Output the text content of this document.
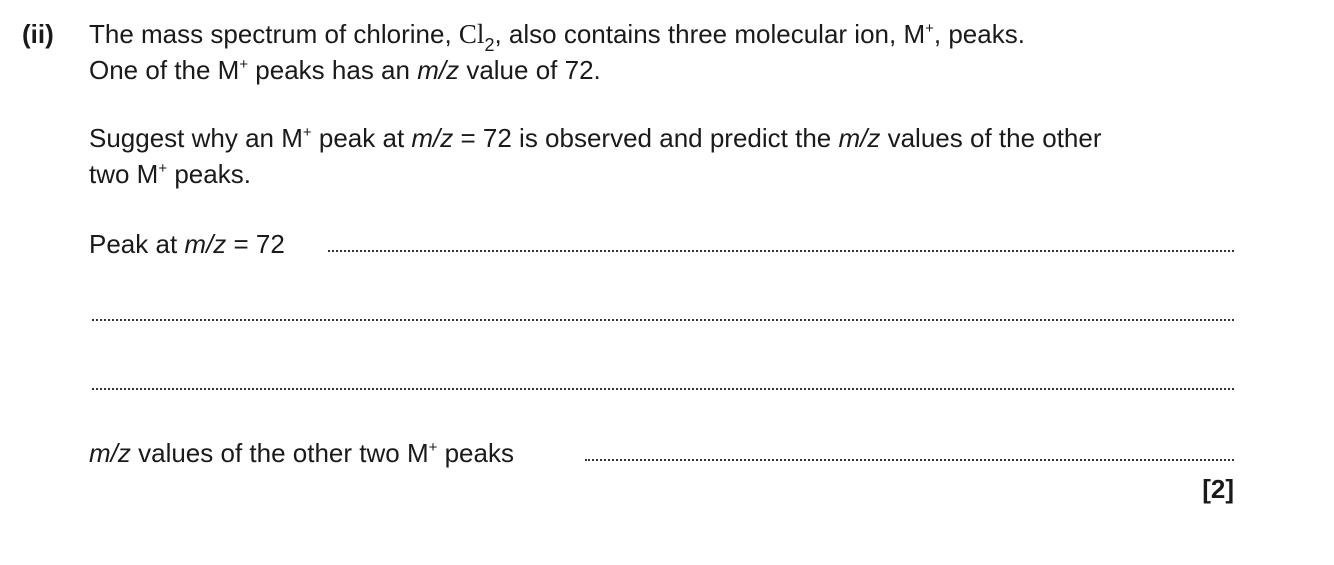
(ii) The mass spectrum of chlorine, $Cl_2$, also contains three molecular ion, M+, peaks.
One of the M+ peaks has an m/z value of 72.
Suggest why an M+ peak at m/z = 72 is observed and predict the m/z values of the other
two M+ peaks.
Peak at m/z = 72
m/z values of the other two M+ peaks
[2]
